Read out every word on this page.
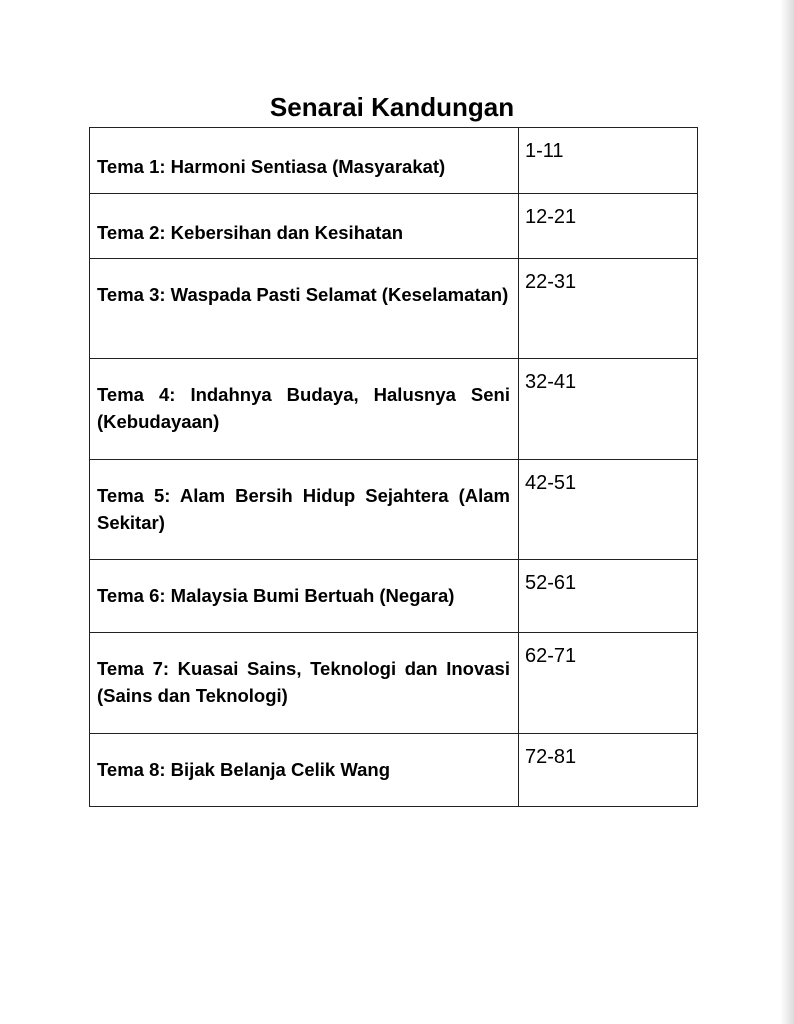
Senarai Kandungan
Tema 1: Harmoni Sentiasa (Masyarakat)	1-11

Tema 2: Kebersihan dan Kesihatan	12-21

Tema 3: Waspada Pasti Selamat (Keselamatan)	22-31

Tema 4: Indahnya Budaya, Halusnya Seni (Kebudayaan)	32-41

Tema 5: Alam Bersih Hidup Sejahtera (Alam Sekitar)	42-51

Tema 6: Malaysia Bumi Bertuah (Negara)	52-61

Tema 7: Kuasai Sains, Teknologi dan Inovasi (Sains dan Teknologi)	62-71

Tema 8: Bijak Belanja Celik Wang	72-81
